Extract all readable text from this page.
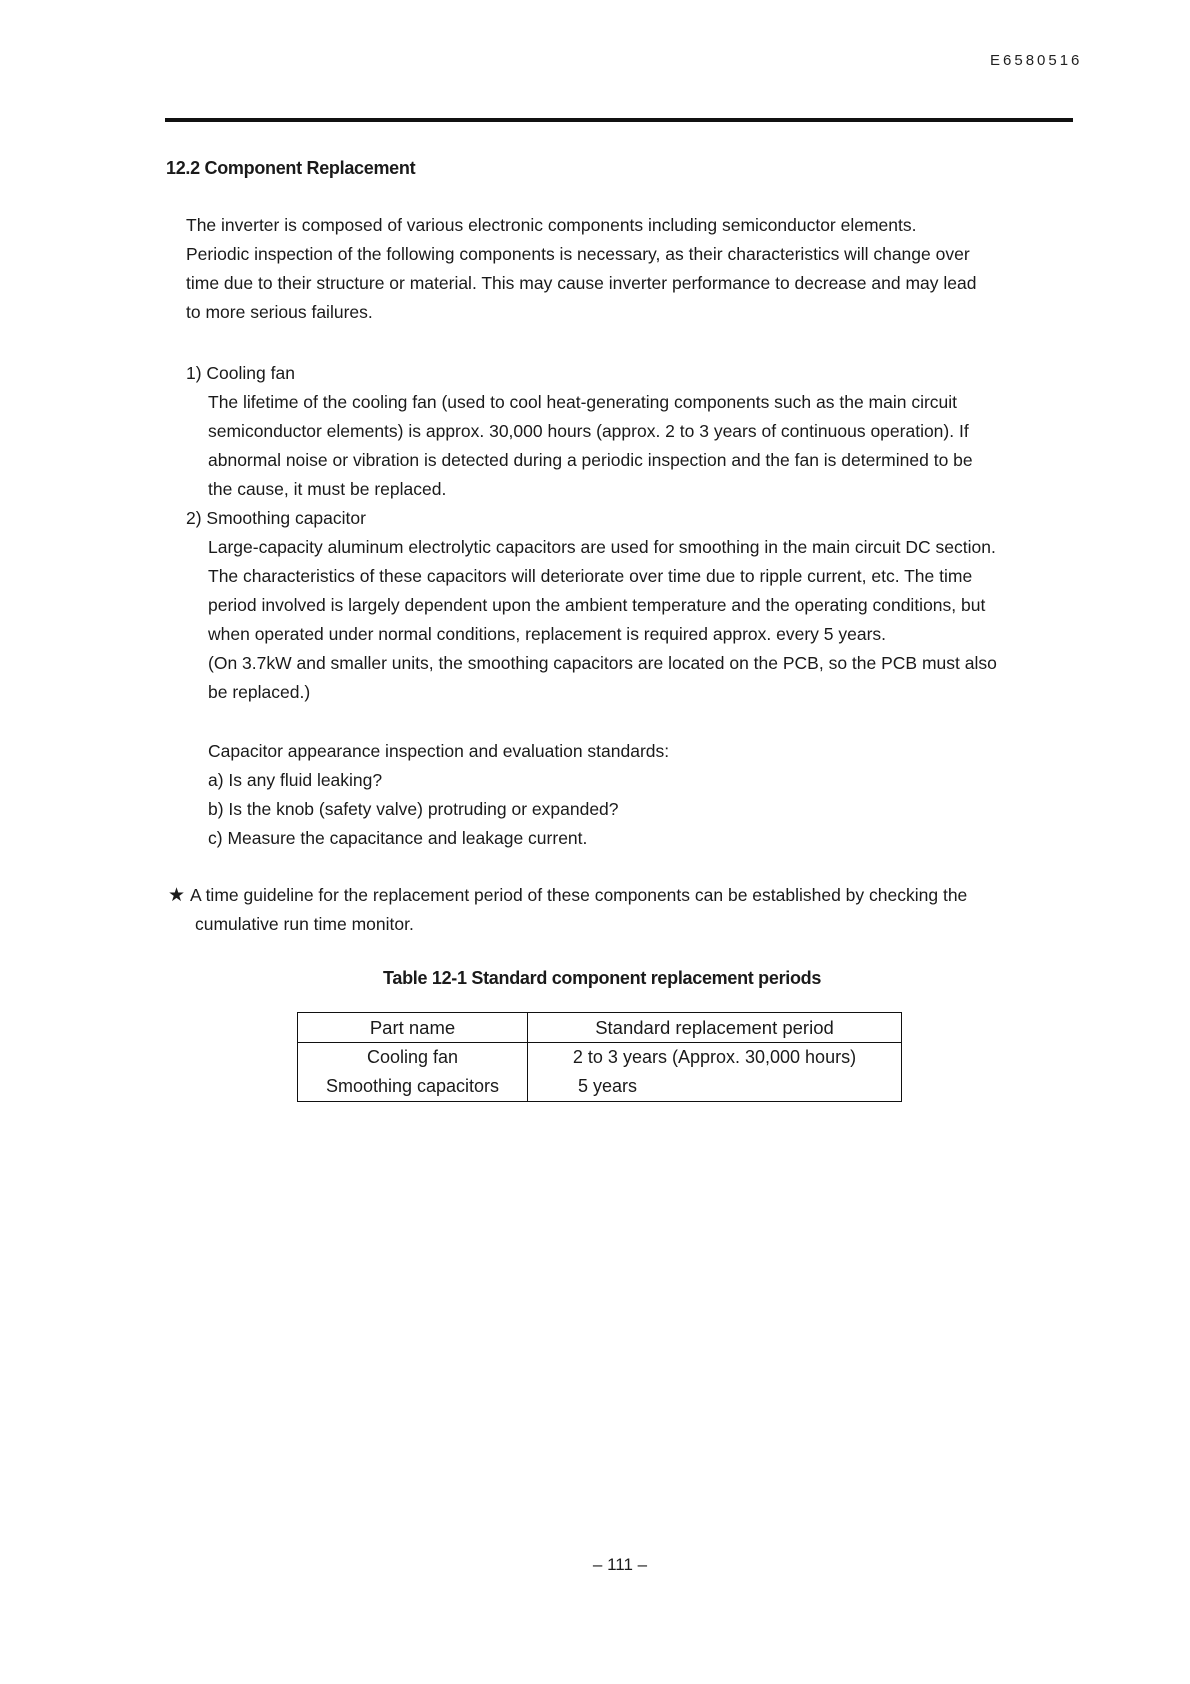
E6580516
12.2 Component Replacement
The inverter is composed of various electronic components including semiconductor elements.
Periodic inspection of the following components is necessary, as their characteristics will change over
time due to their structure or material. This may cause inverter performance to decrease and may lead
to more serious failures.
1) Cooling fan
The lifetime of the cooling fan (used to cool heat-generating components such as the main circuit
semiconductor elements) is approx. 30,000 hours (approx. 2 to 3 years of continuous operation). If
abnormal noise or vibration is detected during a periodic inspection and the fan is determined to be
the cause, it must be replaced.
2) Smoothing capacitor
Large-capacity aluminum electrolytic capacitors are used for smoothing in the main circuit DC section.
The characteristics of these capacitors will deteriorate over time due to ripple current, etc. The time
period involved is largely dependent upon the ambient temperature and the operating conditions, but
when operated under normal conditions, replacement is required approx. every 5 years.
(On 3.7kW and smaller units, the smoothing capacitors are located on the PCB, so the PCB must also
be replaced.)
Capacitor appearance inspection and evaluation standards:
a) Is any fluid leaking?
b) Is the knob (safety valve) protruding or expanded?
c) Measure the capacitance and leakage current.
★ A time guideline for the replacement period of these components can be established by checking the
cumulative run time monitor.
Table 12-1 Standard component replacement periods
Part name	Standard replacement period
Cooling fan	2 to 3 years (Approx. 30,000 hours)
Smoothing capacitors	5 years
– 111 –
